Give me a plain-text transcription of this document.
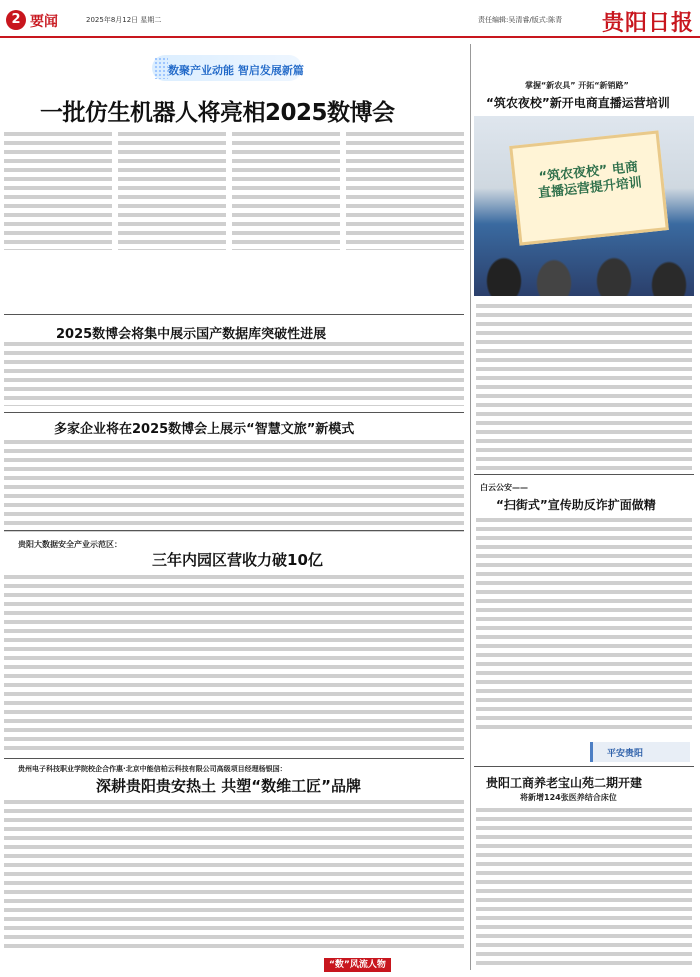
2 要闻	2025年8月12日 星期二	责任编辑:吴清睿/版式:陈青 贵阳日报
数聚产业动能 智启发展新篇
一批仿生机器人将亮相2025数博会
2025数博会将集中展示国产数据库突破性进展
多家企业将在2025数博会上展示“智慧文旅”新模式
贵阳大数据安全产业示范区：
三年内园区营收力破10亿
贵州电子科技职业学院校企合作惠·北京中能信柏云科技有限公司高级项目经理杨银国：
深耕贵阳贵安热土 共塑“数维工匠”品牌
“数”风流人物
掌握“新农具” 开拓“新销路”
“筑农夜校”新开电商直播运营培训
“筑农夜校” 电商直播运营提升培训
白云公安——
“扫街式”宣传助反诈扩面做精
平安贵阳
贵阳工商养老宝山苑二期开建
将新增124张医养结合床位
